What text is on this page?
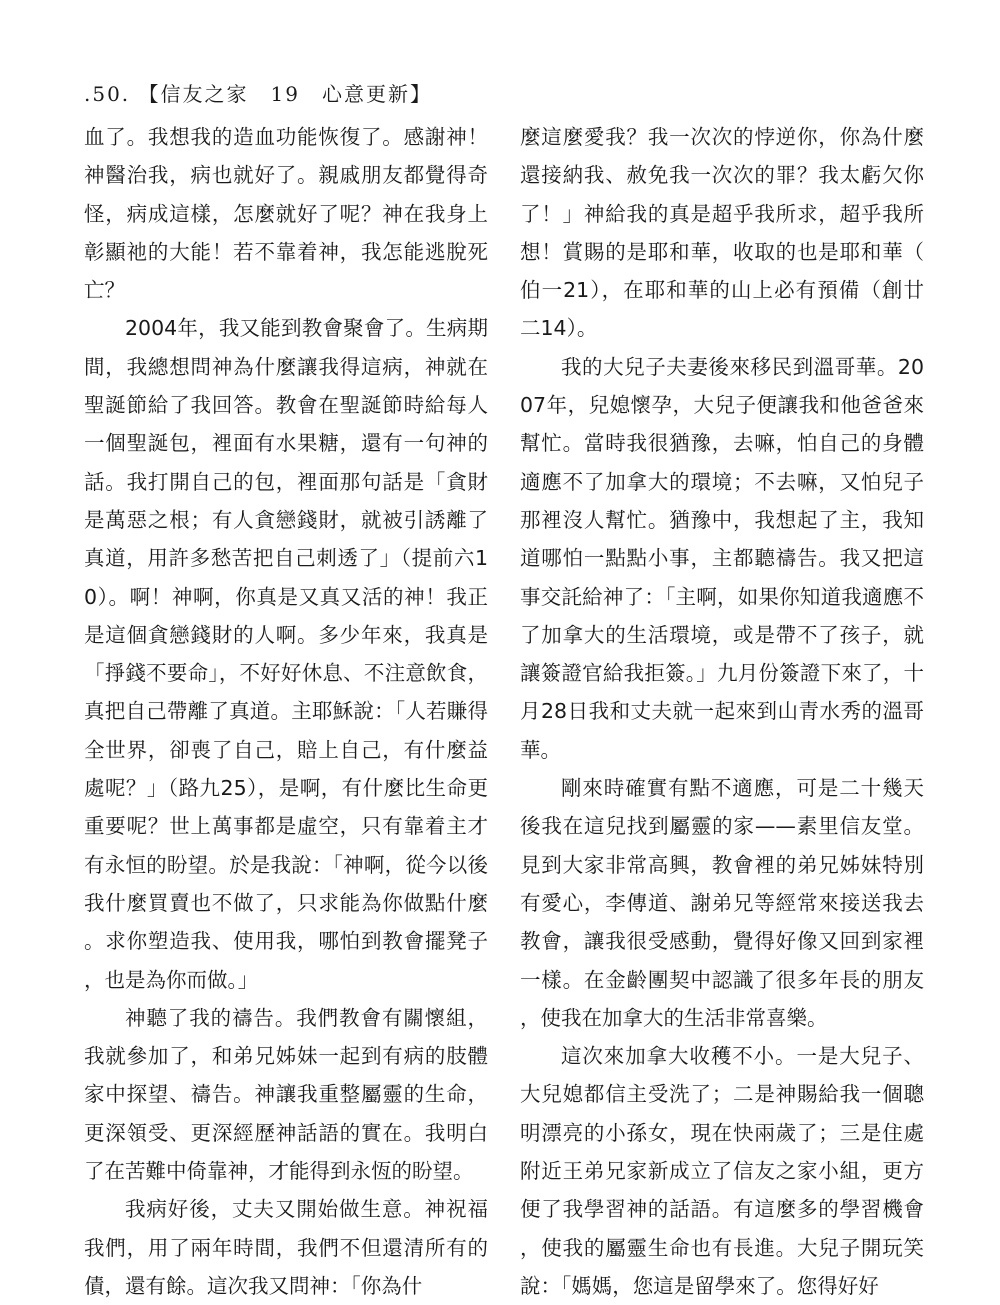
.50. 【信友之家　19　心意更新】

血了。我想我的造血功能恢復了。感謝神！神醫治我，病也就好了。親戚朋友都覺得奇怪，病成這樣，怎麼就好了呢？神在我身上彰顯祂的大能！若不靠着神，我怎能逃脫死亡？

2004年，我又能到教會聚會了。生病期間，我總想問神為什麼讓我得這病，神就在聖誕節給了我回答。教會在聖誕節時給每人一個聖誕包，裡面有水果糖，還有一句神的話。我打開自己的包，裡面那句話是「貪財是萬惡之根；有人貪戀錢財，就被引誘離了真道，用許多愁苦把自己刺透了」（提前六10）。啊！神啊，你真是又真又活的神！我正是這個貪戀錢財的人啊。多少年來，我真是「掙錢不要命」，不好好休息、不注意飲食，真把自己帶離了真道。主耶穌說：「人若賺得全世界，卻喪了自己，賠上自己，有什麼益處呢？」（路九25），是啊，有什麼比生命更重要呢？世上萬事都是虛空，只有靠着主才有永恒的盼望。於是我說：「神啊，從今以後我什麼買賣也不做了，只求能為你做點什麼。求你塑造我、使用我，哪怕到教會擺凳子，也是為你而做。」

神聽了我的禱告。我們教會有關懷組，我就參加了，和弟兄姊妹一起到有病的肢體家中探望、禱告。神讓我重整屬靈的生命，更深領受、更深經歷神話語的實在。我明白了在苦難中倚靠神，才能得到永恆的盼望。

我病好後，丈夫又開始做生意。神祝福我們，用了兩年時間，我們不但還清所有的債，還有餘。這次我又問神：「你為什

麼這麼愛我？我一次次的悖逆你，你為什麼還接納我、赦免我一次次的罪？我太虧欠你了！」神給我的真是超乎我所求，超乎我所想！賞賜的是耶和華，收取的也是耶和華（伯一21），在耶和華的山上必有預備（創廿二14）。

我的大兒子夫妻後來移民到溫哥華。2007年，兒媳懷孕，大兒子便讓我和他爸爸來幫忙。當時我很猶豫，去嘛，怕自己的身體適應不了加拿大的環境；不去嘛，又怕兒子那裡沒人幫忙。猶豫中，我想起了主，我知道哪怕一點點小事，主都聽禱告。我又把這事交託給神了：「主啊，如果你知道我適應不了加拿大的生活環境，或是帶不了孩子，就讓簽證官給我拒簽。」九月份簽證下來了，十月28日我和丈夫就一起來到山青水秀的溫哥華。

剛來時確實有點不適應，可是二十幾天後我在這兒找到屬靈的家——素里信友堂。見到大家非常高興，教會裡的弟兄姊妹特別有愛心，李傳道、謝弟兄等經常來接送我去教會，讓我很受感動，覺得好像又回到家裡一樣。在金齡團契中認識了很多年長的朋友，使我在加拿大的生活非常喜樂。

這次來加拿大收穫不小。一是大兒子、大兒媳都信主受洗了；二是神賜給我一個聰明漂亮的小孫女，現在快兩歲了；三是住處附近王弟兄家新成立了信友之家小組，更方便了我學習神的話語。有這麼多的學習機會，使我的屬靈生命也有長進。大兒子開玩笑說：「媽媽，您這是留學來了。您得好好
